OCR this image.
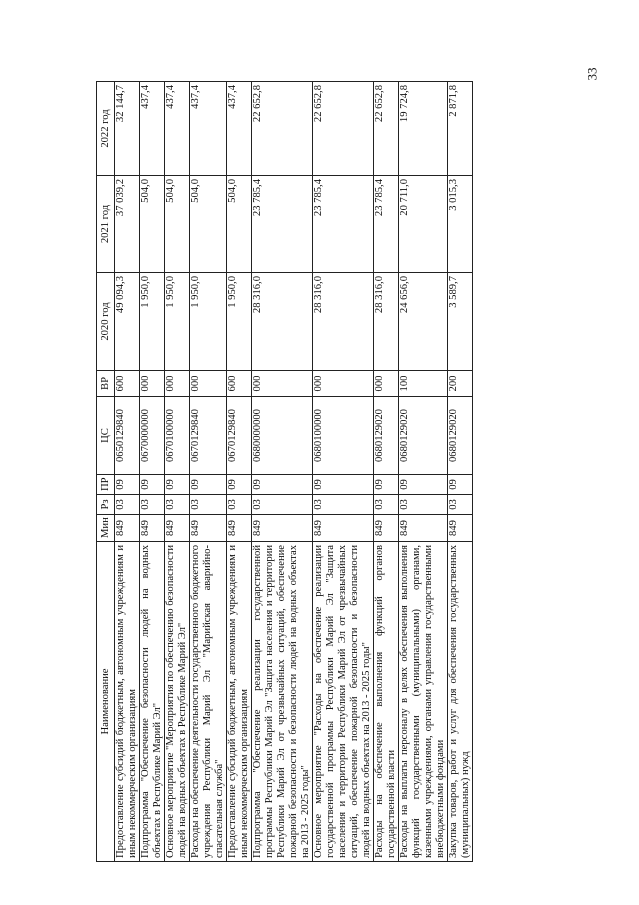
33
Наименование	Мин	Рз	ПР	ЦС	ВР	2020 год	2021 год	2022 год
Предоставление субсидий бюджетным, автономным учреждениям и иным некоммерческим организациям	849	03	09	0650129840	600	49 094,3	37 039,2	32 144,7
Подпрограмма "Обеспечение безопасности людей на водных объектах в Республике Марий Эл"	849	03	09	0670000000	000	1 950,0	504,0	437,4
Основное мероприятие "Мероприятия по обеспечению безопасности людей на водных объектах в Республике Марий Эл"	849	03	09	0670100000	000	1 950,0	504,0	437,4
Расходы на обеспечение деятельности государственного бюджетного учреждения Республики Марий Эл "Марийская аварийно-спасательная служба"	849	03	09	0670129840	000	1 950,0	504,0	437,4
Предоставление субсидий бюджетным, автономным учреждениям и иным некоммерческим организациям	849	03	09	0670129840	600	1 950,0	504,0	437,4
Подпрограмма "Обеспечение реализации государственной программы Республики Марий Эл "Защита населения и территории Республики Марий Эл от чрезвычайных ситуаций, обеспечение пожарной безопасности и безопасности людей на водных объектах на 2013 - 2025 годы"	849	03	09	0680000000	000	28 316,0	23 785,4	22 652,8
Основное мероприятие "Расходы на обеспечение реализации государственной программы Республики Марий Эл "Защита населения и территории Республики Марий Эл от чрезвычайных ситуаций, обеспечение пожарной безопасности и безопасности людей на водных объектах на 2013 - 2025 годы"	849	03	09	0680100000	000	28 316,0	23 785,4	22 652,8
Расходы на обеспечение выполнения функций органов государственной власти	849	03	09	0680129020	000	28 316,0	23 785,4	22 652,8
Расходы на выплаты персоналу в целях обеспечения выполнения функций государственными (муниципальными) органами, казенными учреждениями, органами управления государственными внебюджетными фондами	849	03	09	0680129020	100	24 656,0	20 711,0	19 724,8
Закупка товаров, работ и услуг для обеспечения государственных (муниципальных) нужд	849	03	09	0680129020	200	3 589,7	3 015,3	2 871,8
